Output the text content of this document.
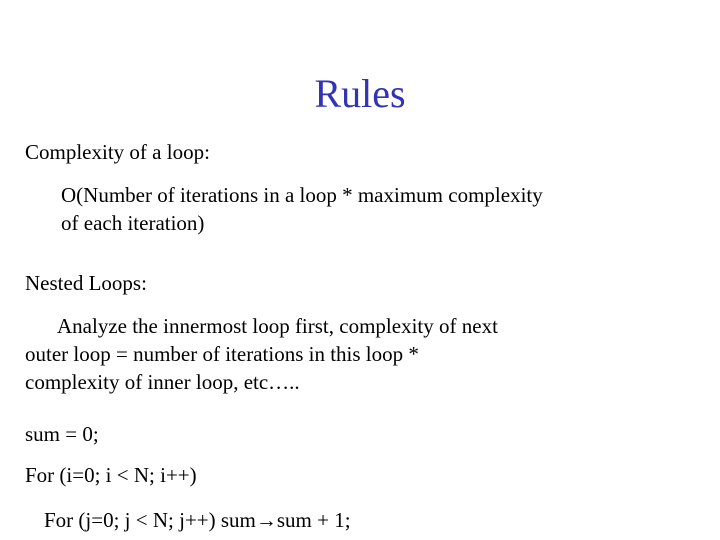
Rules
Complexity of a loop:
O(Number of iterations in a loop * maximum complexity
of each iteration)
Nested Loops:
Analyze the innermost loop first, complexity of next
outer loop = number of iterations in this loop *
complexity of inner loop, etc…..
sum = 0;
For (i=0; i < N; i++)
For (j=0; j < N; j++) sum→sum + 1;
